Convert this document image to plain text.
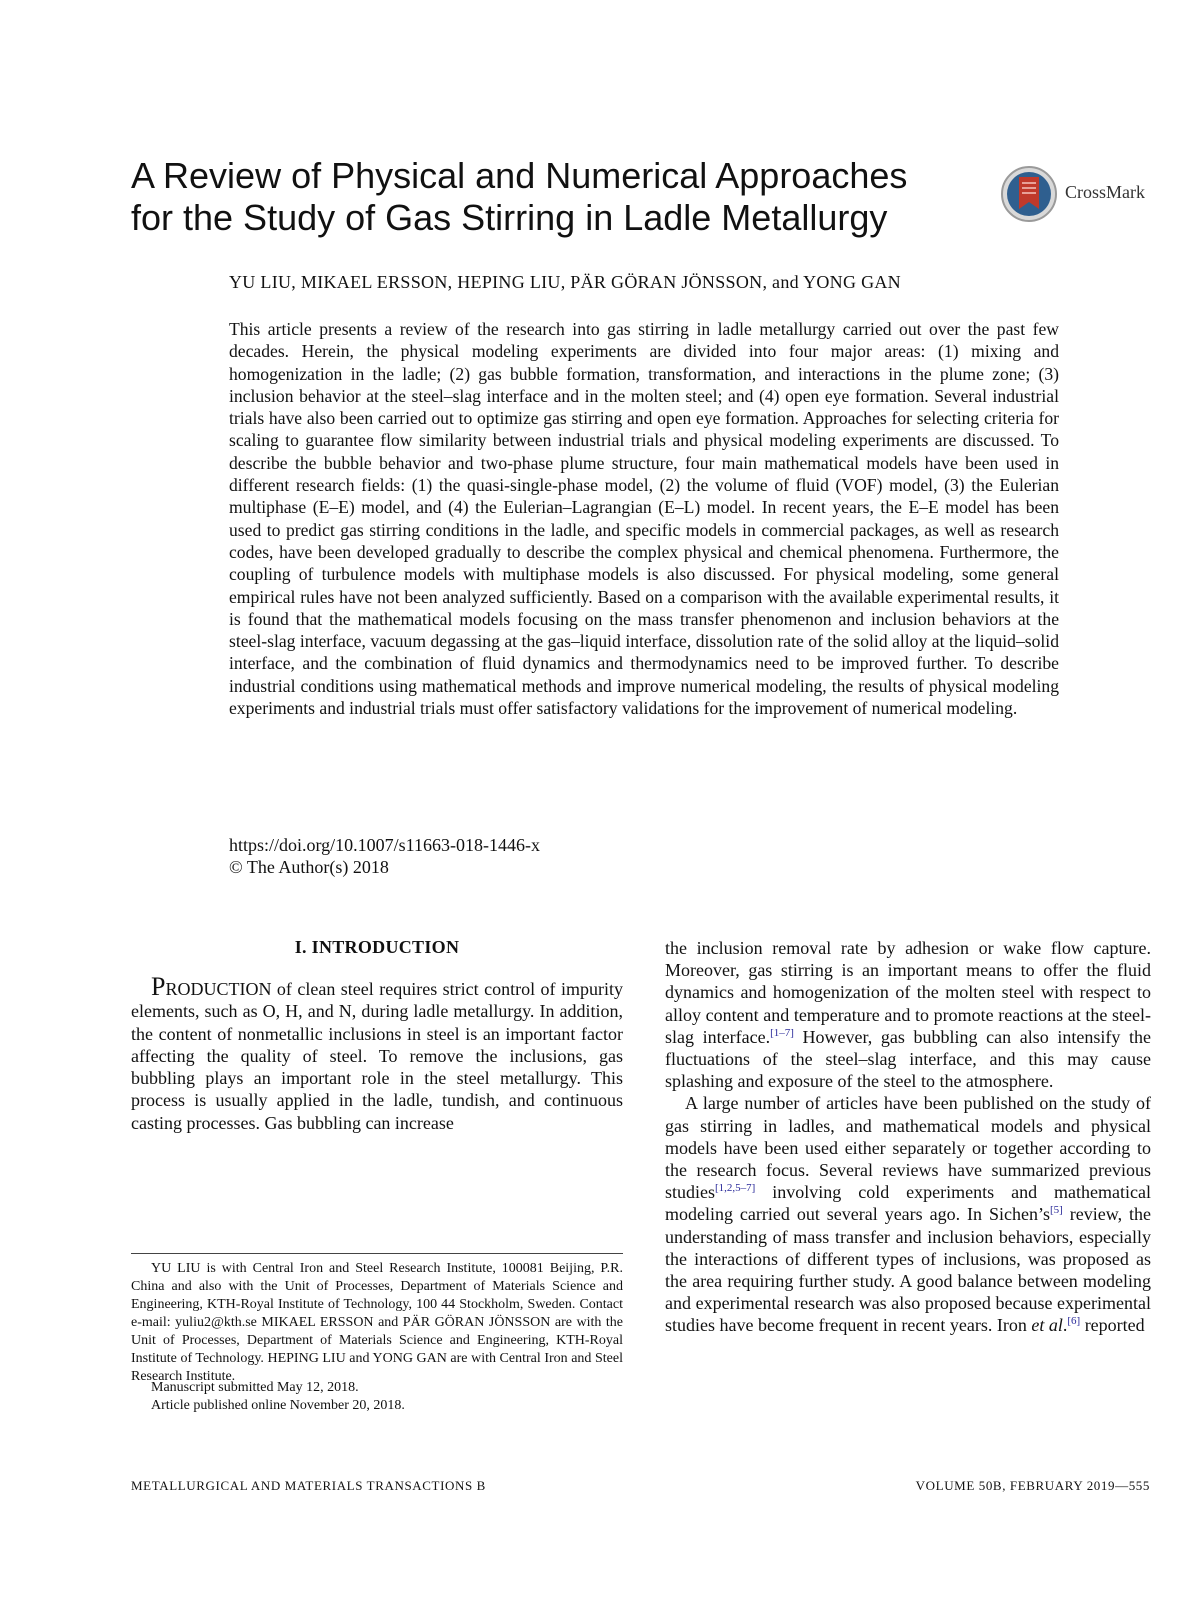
A Review of Physical and Numerical Approaches
for the Study of Gas Stirring in Ladle Metallurgy
CrossMark
YU LIU, MIKAEL ERSSON, HEPING LIU, PÄR GÖRAN JÖNSSON, and YONG GAN

This article presents a review of the research into gas stirring in ladle metallurgy carried out over the past few decades. Herein, the physical modeling experiments are divided into four major areas: (1) mixing and homogenization in the ladle; (2) gas bubble formation, transformation, and interactions in the plume zone; (3) inclusion behavior at the steel–slag interface and in the molten steel; and (4) open eye formation. Several industrial trials have also been carried out to optimize gas stirring and open eye formation. Approaches for selecting criteria for scaling to guarantee flow similarity between industrial trials and physical modeling experiments are discussed. To describe the bubble behavior and two-phase plume structure, four main mathematical models have been used in different research fields: (1) the quasi-single-phase model, (2) the volume of fluid (VOF) model, (3) the Eulerian multiphase (E–E) model, and (4) the Eulerian–Lagrangian (E–L) model. In recent years, the E–E model has been used to predict gas stirring conditions in the ladle, and specific models in commercial packages, as well as research codes, have been developed gradually to describe the complex physical and chemical phenomena. Furthermore, the coupling of turbulence models with multiphase models is also discussed. For physical modeling, some general empirical rules have not been analyzed sufficiently. Based on a comparison with the available experimental results, it is found that the mathematical models focusing on the mass transfer phenomenon and inclusion behaviors at the steel-slag interface, vacuum degassing at the gas–liquid interface, dissolution rate of the solid alloy at the liquid–solid interface, and the combination of fluid dynamics and thermodynamics need to be improved further. To describe industrial conditions using mathematical methods and improve numerical modeling, the results of physical modeling experiments and industrial trials must offer satisfactory validations for the improvement of numerical modeling.

https://doi.org/10.1007/s11663-018-1446-x
© The Author(s) 2018
I. INTRODUCTION

PRODUCTION of clean steel requires strict control of impurity elements, such as O, H, and N, during ladle metallurgy. In addition, the content of nonmetallic inclusions in steel is an important factor affecting the quality of steel. To remove the inclusions, gas bubbling plays an important role in the steel metallurgy. This process is usually applied in the ladle, tundish, and continuous casting processes. Gas bubbling can increase

YU LIU is with Central Iron and Steel Research Institute, 100081 Beijing, P.R. China and also with the Unit of Processes, Department of Materials Science and Engineering, KTH-Royal Institute of Technology, 100 44 Stockholm, Sweden. Contact e-mail: yuliu2@kth.se MIKAEL ERSSON and PÄR GÖRAN JÖNSSON are with the Unit of Processes, Department of Materials Science and Engineering, KTH-Royal Institute of Technology. HEPING LIU and YONG GAN are with Central Iron and Steel Research Institute.

Manuscript submitted May 12, 2018.
Article published online November 20, 2018.

the inclusion removal rate by adhesion or wake flow capture. Moreover, gas stirring is an important means to offer the fluid dynamics and homogenization of the molten steel with respect to alloy content and temperature and to promote reactions at the steel-slag interface.[1–7] However, gas bubbling can also intensify the fluctuations of the steel–slag interface, and this may cause splashing and exposure of the steel to the atmosphere.

A large number of articles have been published on the study of gas stirring in ladles, and mathematical models and physical models have been used either separately or together according to the research focus. Several reviews have summarized previous studies[1,2,5–7] involving cold experiments and mathematical modeling carried out several years ago. In Sichen’s[5] review, the understanding of mass transfer and inclusion behaviors, especially the interactions of different types of inclusions, was proposed as the area requiring further study. A good balance between modeling and experimental research was also proposed because experimental studies have become frequent in recent years. Iron et al.[6] reported

METALLURGICAL AND MATERIALS TRANSACTIONS B	VOLUME 50B, FEBRUARY 2019—555
